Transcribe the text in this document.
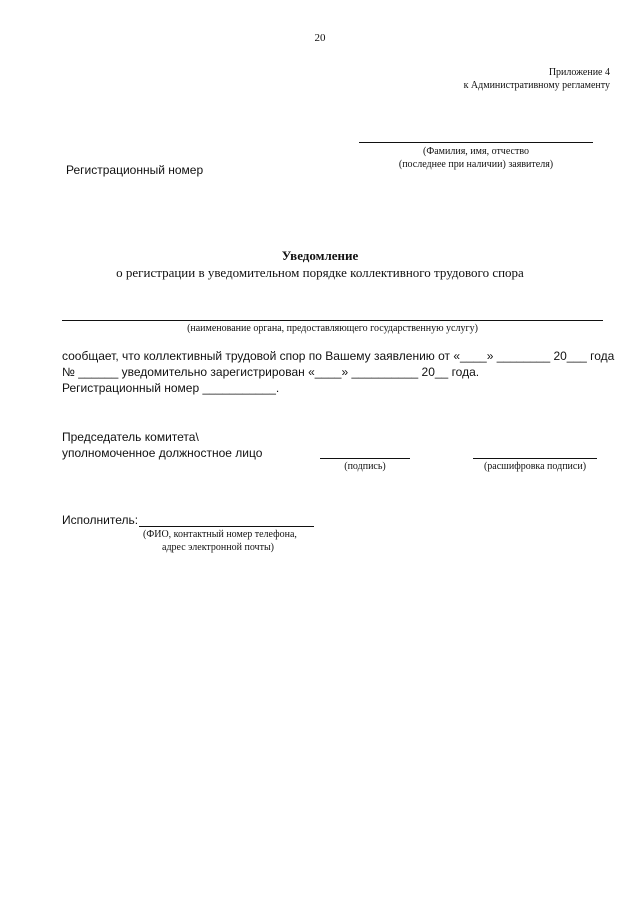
20
Приложение 4
к Административному регламенту
(Фамилия, имя, отчество
(последнее при наличии) заявителя)
Регистрационный номер
Уведомление
о регистрации в уведомительном порядке коллективного трудового спора
(наименование органа, предоставляющего государственную услугу)
сообщает, что коллективный трудовой спор по Вашему заявлению от «____» ________ 20___ года
№ ______ уведомительно зарегистрирован «____» __________ 20__ года.
Регистрационный номер ___________.
Председатель комитета\
уполномоченное должностное лицо
(подпись)	(расшифровка подписи)
Исполнитель:
(ФИО, контактный номер телефона,
адрес электронной почты)
